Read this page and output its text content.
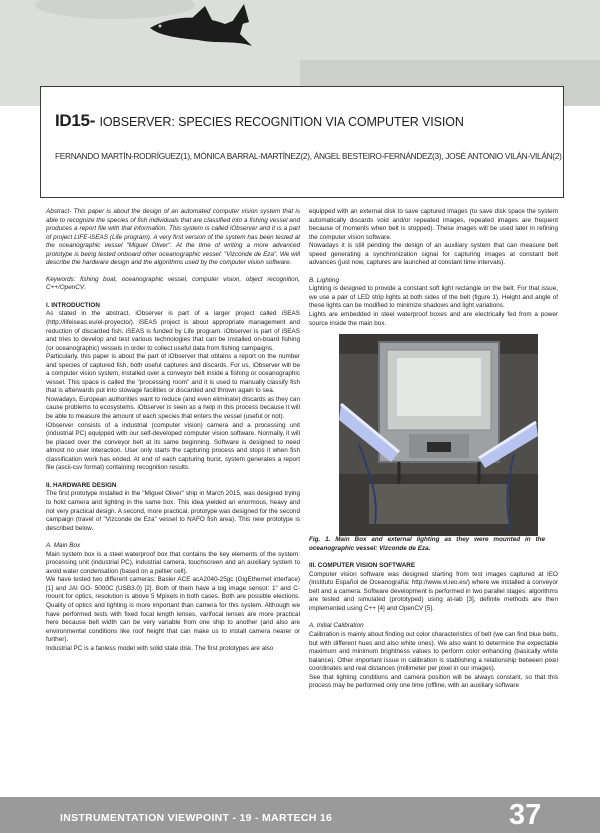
ID15- IOBSERVER: SPECIES RECOGNITION VIA COMPUTER VISION
FERNANDO MARTÍN-RODRÍGUEZ(1), MÓNICA BARRAL-MARTÍNEZ(2), ÁNGEL BESTEIRO-FERNÁNDEZ(3), JOSÉ ANTONIO VILÁN-VILÁN(2)

Abstract- This paper is about the design of an automated computer vision system that is able to recognize the species of fish individuals that are classified into a fishing vessel and produces a report file with that information. This system is called iObserver and it is a part of project LIFE-iSEAS (Life program). A very first version of the system has been tested at the oceanographic vessel "Miguel Oliver". At the time of writing a more advanced prototype is being tested onboard other oceanographic vessel: "Vizconde de Eza". We will describe the hardware design and the algorithms used by the computer vision software.

Keywords: fishing boat, oceanographic vessel, computer vision, object recognition, C++/OpenCV.

I. INTRODUCTION

As stated in the abstract, iObserver is part of a larger project called iSEAS (http://lifeiseas.eu/el-proyecto/). iSEAS project is about appropriate management and reduction of discarded fish. iSEAS is funded by Life program. iObserver is part of iSEAS and tries to develop and test various technologies that can be installed on-board fishing (or oceanographic) vessels in order to collect useful data from fishing campaigns.

Particularly, this paper is about the part of iObserver that obtains a report on the number and species of captured fish, both useful captures and discards. For us, iObserver will be a computer vision system, installed over a conveyor belt inside a fishing or oceanographic vessel. This space is called the "processing room" and it is used to manually classify fish that is afterwards put into stowage facilities or discarded and thrown again to sea.

Nowadays, European authorities want to reduce (and even eliminate) discards as they can cause problems to ecosystems. iObserver is seen as a help in this process because it will be able to measure the amount of each species that enters the vessel (useful or not).

iObserver consists of a industrial (computer vision) camera and a processing unit (industrial PC) equipped with our self-developed computer vision software. Normally, it will be placed over the conveyor belt at its same beginning. Software is designed to need almost no user interaction. User only starts the capturing process and stops it when fish classification work has ended. At end of each capturing burst, system generates a report file (ascii-csv format) containing recognition results.

II. HARDWARE DESIGN

The first prototype installed in the "Miguel Oliver" ship in March 2015, was designed trying to hold camera and lighting in the same box. This idea yielded an enormous, heavy and not very practical design. A second, more practical, prototype was designed for the second campaign (travel of "Vizconde de Eza" vessel to NAFO fish area). This new prototype is described below.

A. Main Box

Main system box is a steel waterproof box that contains the key elements of the system: processing unit (industrial PC), industrial camera, touchscreen and an auxiliary system to avoid water condensation (based on a peltier cell).

We have tested two different cameras: Basler ACE acA2040-25gc (GigEthernet interface) [1] and JAI GO- 5000C (USB3.0) [2]. Both of them have a big image sensor: 1" and C-mount for optics, resolution is above 5 Mpixels in both cases. Both are possible elections. Quality of optics and lighting is more important than camera for this system. Although we have performed tests with fixed focal length lenses, varifocal lenses are more practical here because belt width can be very variable from one ship to another (and also are environmental conditions like roof height that can make us to install camera nearer or further).

Industrial PC is a fanless model with solid state disk. The first prototypes are also

equipped with an external disk to save captured images (to save disk space the system automatically discards void and/or repeated images, repeated images are frequent because of moments when belt is stopped). These images will be used later in refining the computer vision software.

Nowadays it is still pending the design of an auxiliary system that can measure belt speed generating a synchronization signal for capturing images at constant belt advances (just now, captures are launched at constant time intervals).

B. Lighting

Lighting is designed to provide a constant soft light rectangle on the belt. For that issue, we use a pair of LED strip lights at both sides of the belt (figure 1). Height and angle of these lights can be modified to minimize shadows and light variations.

Lights are embedded in steel waterproof boxes and are electrically fed from a power source inside the main box.

Fig. 1. Main Box and external lighting as they were mounted in the oceanographic vessel: Vizconde de Eza.

III. COMPUTER VISION SOFTWARE

Computer vision software was designed starting from test images captured at IEO (Instituto Español de Oceanografía: http://www.vi.ieo.es/) where we installed a conveyor belt and a camera. Software development is performed in two parallel stages: algorithms are tested and simulated (prototyped) using at-lab [3], definite methods are then implemented using C++ [4] and OpenCV [5].

A. Initial Calibration

Calibration is mainly about finding out color characteristics of belt (we can find blue belts, but with different hues and also white ones). We also want to determine the expectable maximum and minimum brightness values to perform color enhancing (basically white balance). Other important issue in calibration is stablishing a relationship between pixel coordinates and real distances (millimeter per pixel in our images).

See that lighting conditions and camera position will be always constant, so that this process may be performed only one time (offline, with an auxiliary software

INSTRUMENTATION VIEWPOINT - 19 - MARTECH 16	37
